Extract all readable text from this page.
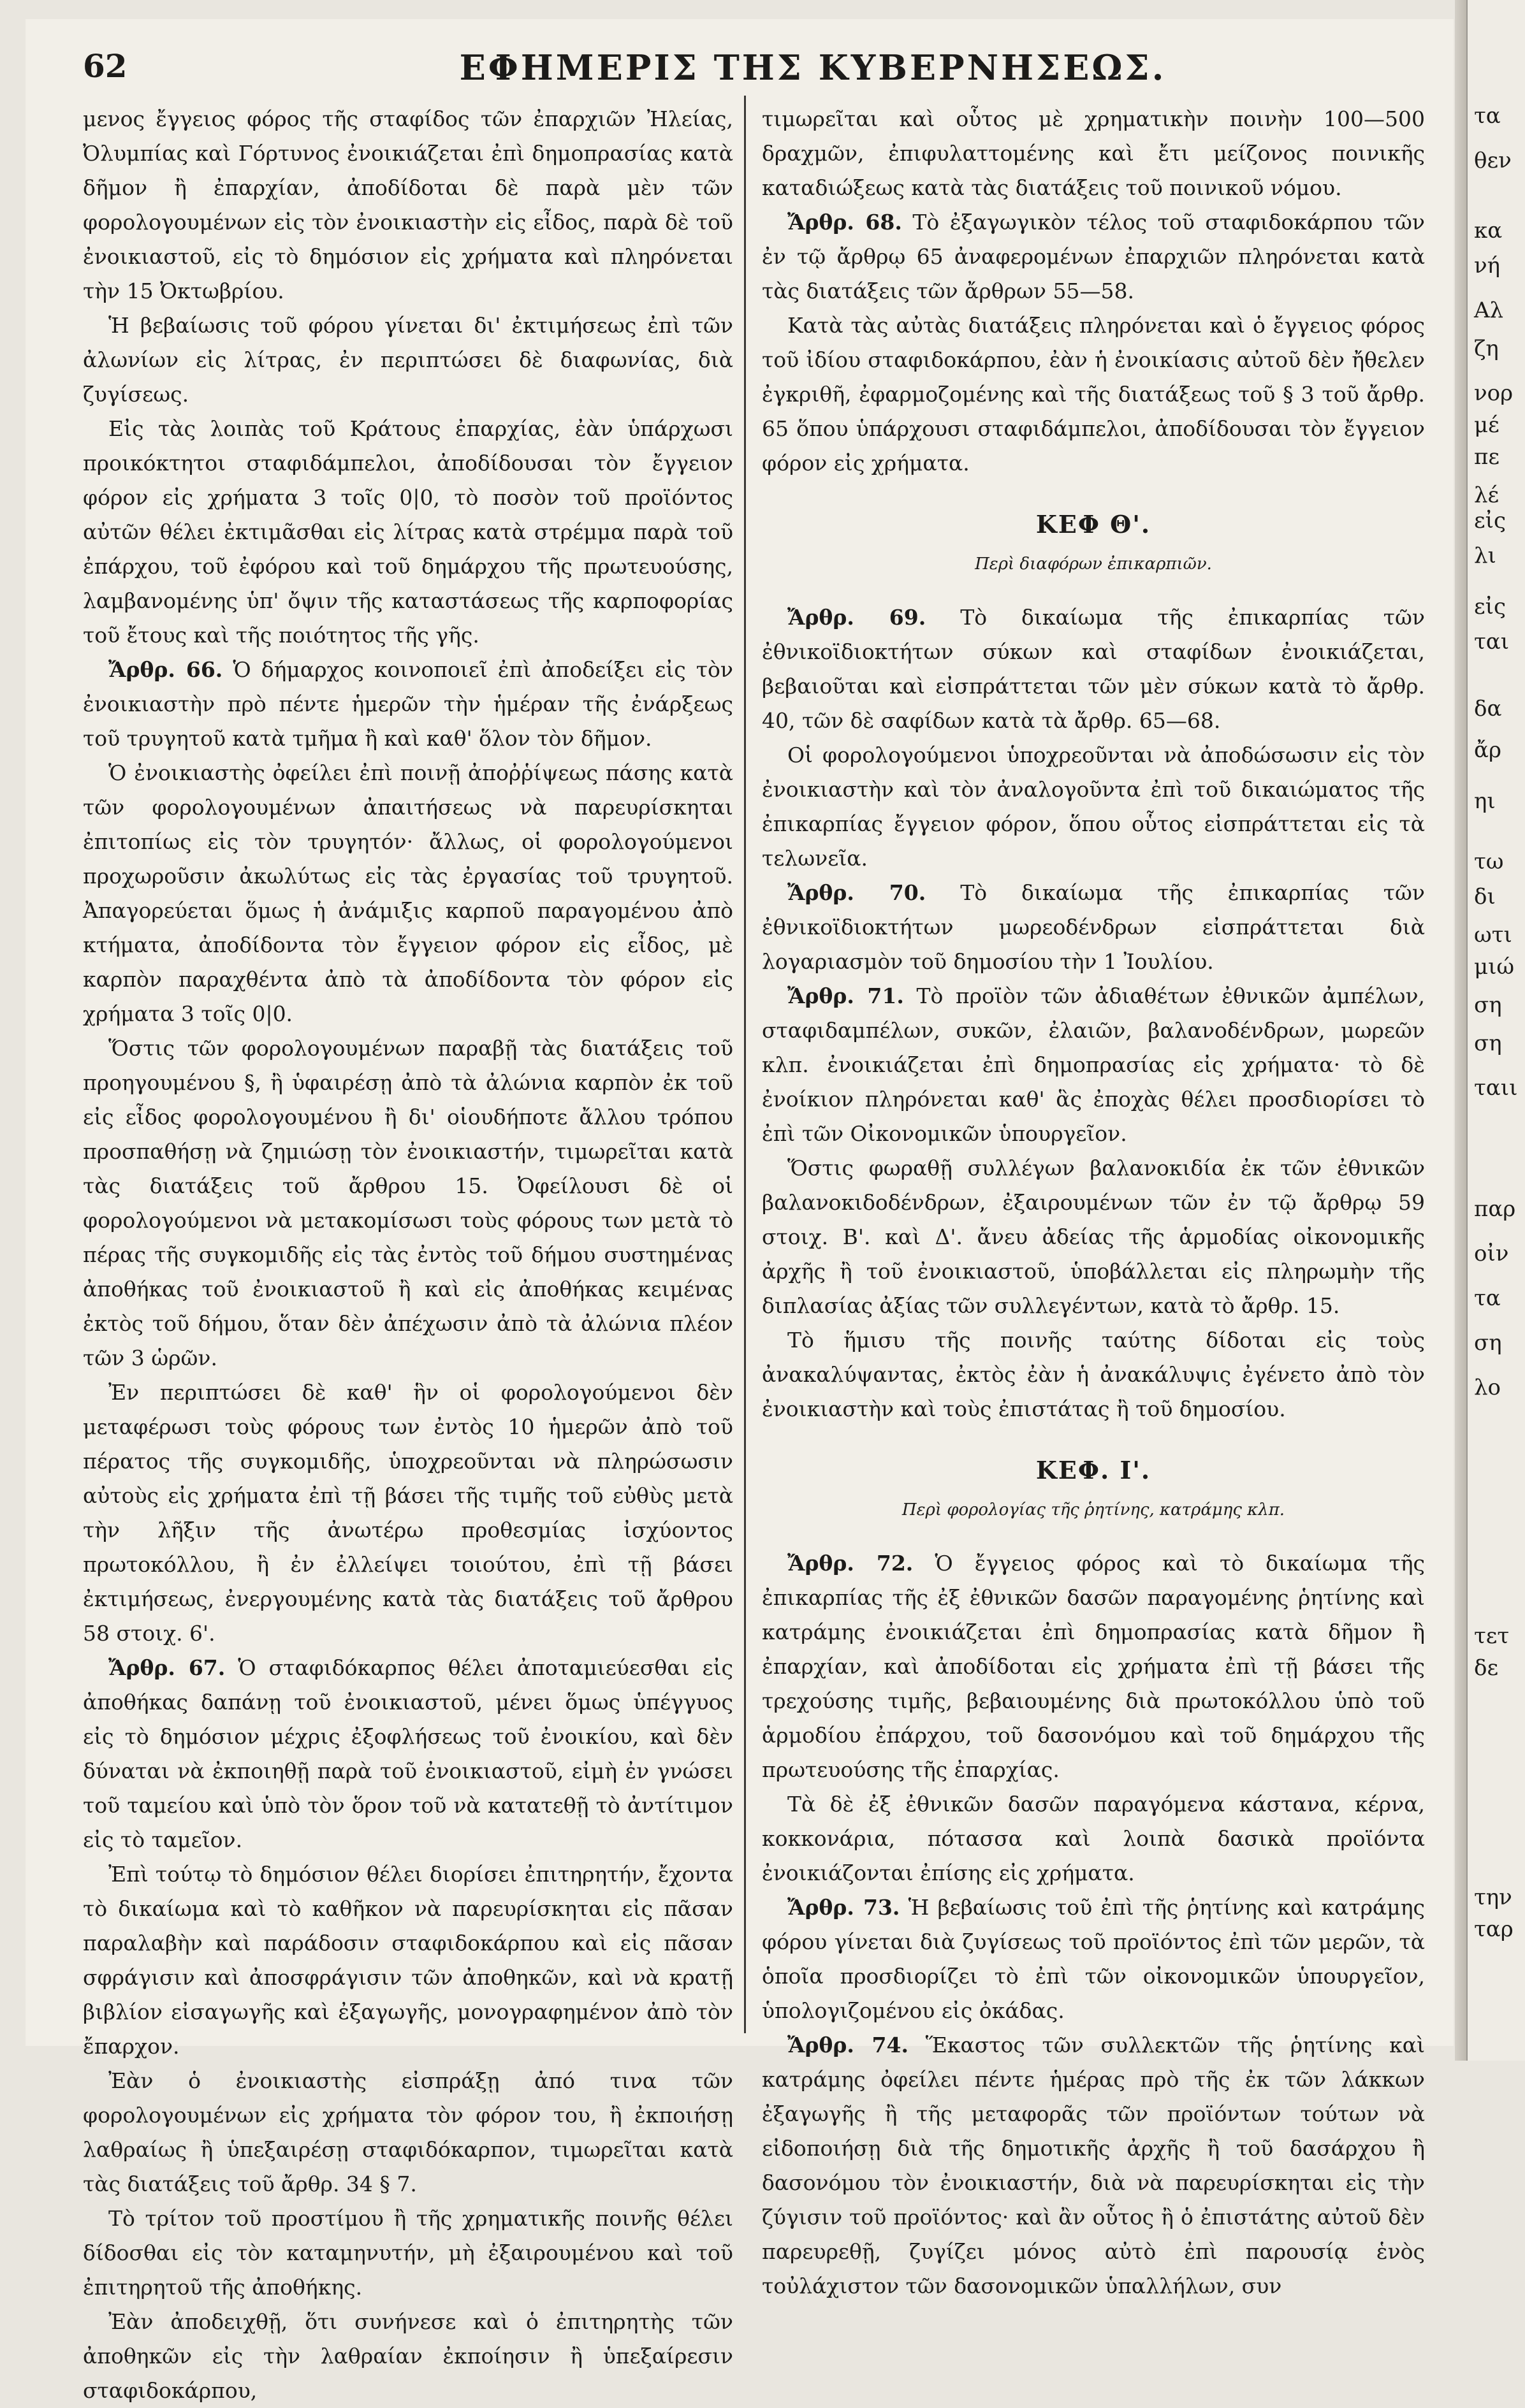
τα
θεν
κα
νή
Αλ
ζη
νορ
μέ
πε
λέ
εἰς
λι
εἰς
ται
δα
ἄρ
ηι
τω
δι
ωτι
μιώ
ση
ση
ταιι
παρ
οἰν
τα
ση
λο
τετ
δε
την
ταρ
62	ΕΦΗΜΕΡΙΣ ΤΗΣ ΚΥΒΕΡΝΗΣΕΩΣ.

μενος ἔγγειος φόρος τῆς σταφίδος τῶν ἐπαρχιῶν Ἠλείας, Ὀλυμπίας καὶ Γόρτυνος ἐνοικιάζεται ἐπὶ δημοπρασίας κατὰ δῆμον ἢ ἐπαρχίαν, ἀποδίδοται δὲ παρὰ μὲν τῶν φορολογουμένων εἰς τὸν ἐνοικιαστὴν εἰς εἶδος, παρὰ δὲ τοῦ ἐνοικιαστοῦ, εἰς τὸ δημόσιον εἰς χρήματα καὶ πληρόνεται τὴν 15 Ὀκτωβρίου.

Ἡ βεβαίωσις τοῦ φόρου γίνεται δι' ἐκτιμήσεως ἐπὶ τῶν ἀλωνίων εἰς λίτρας, ἐν περιπτώσει δὲ διαφωνίας, διὰ ζυγίσεως.

Εἰς τὰς λοιπὰς τοῦ Κράτους ἐπαρχίας, ἐὰν ὑπάρχωσι προικόκτητοι σταφιδάμπελοι, ἀποδίδουσαι τὸν ἔγγειον φόρον εἰς χρήματα 3 τοῖς 0|0, τὸ ποσὸν τοῦ προϊόντος αὐτῶν θέλει ἐκτιμᾶσθαι εἰς λίτρας κατὰ στρέμμα παρὰ τοῦ ἐπάρχου, τοῦ ἐφόρου καὶ τοῦ δημάρχου τῆς πρωτευούσης, λαμβανομένης ὑπ' ὄψιν τῆς καταστάσεως τῆς καρποφορίας τοῦ ἔτους καὶ τῆς ποιότητος τῆς γῆς.

Ἄρθρ. 66. Ὁ δήμαρχος κοινοποιεῖ ἐπὶ ἀποδείξει εἰς τὸν ἐνοικιαστὴν πρὸ πέντε ἡμερῶν τὴν ἡμέραν τῆς ἐνάρξεως τοῦ τρυγητοῦ κατὰ τμῆμα ἢ καὶ καθ' ὅλον τὸν δῆμον.

Ὁ ἐνοικιαστὴς ὀφείλει ἐπὶ ποινῇ ἀποῤῥίψεως πάσης κατὰ τῶν φορολογουμένων ἀπαιτήσεως νὰ παρευρίσκηται ἐπιτοπίως εἰς τὸν τρυγητόν· ἄλλως, οἱ φορολογούμενοι προχωροῦσιν ἀκωλύτως εἰς τὰς ἐργασίας τοῦ τρυγητοῦ. Ἀπαγορεύεται ὅμως ἡ ἀνάμιξις καρποῦ παραγομένου ἀπὸ κτήματα, ἀποδίδοντα τὸν ἔγγειον φόρον εἰς εἶδος, μὲ καρπὸν παραχθέντα ἀπὸ τὰ ἀποδίδοντα τὸν φόρον εἰς χρήματα 3 τοῖς 0|0.

Ὅστις τῶν φορολογουμένων παραβῇ τὰς διατάξεις τοῦ προηγουμένου §, ἢ ὑφαιρέσῃ ἀπὸ τὰ ἀλώνια καρπὸν ἐκ τοῦ εἰς εἶδος φορολογουμένου ἢ δι' οἱουδήποτε ἄλλου τρόπου προσπαθήσῃ νὰ ζημιώσῃ τὸν ἐνοικιαστήν, τιμωρεῖται κατὰ τὰς διατάξεις τοῦ ἄρθρου 15. Ὀφείλουσι δὲ οἱ φορολογούμενοι νὰ μετακομίσωσι τοὺς φόρους των μετὰ τὸ πέρας τῆς συγκομιδῆς εἰς τὰς ἐντὸς τοῦ δήμου συστημένας ἀποθήκας τοῦ ἐνοικιαστοῦ ἢ καὶ εἰς ἀποθήκας κειμένας ἐκτὸς τοῦ δήμου, ὅταν δὲν ἀπέχωσιν ἀπὸ τὰ ἀλώνια πλέον τῶν 3 ὡρῶν.

Ἐν περιπτώσει δὲ καθ' ἣν οἱ φορολογούμενοι δὲν μεταφέρωσι τοὺς φόρους των ἐντὸς 10 ἡμερῶν ἀπὸ τοῦ πέρατος τῆς συγκομιδῆς, ὑποχρεοῦνται νὰ πληρώσωσιν αὐτοὺς εἰς χρήματα ἐπὶ τῇ βάσει τῆς τιμῆς τοῦ εὐθὺς μετὰ τὴν λῆξιν τῆς ἀνωτέρω προθεσμίας ἰσχύοντος πρωτοκόλλου, ἢ ἐν ἐλλείψει τοιούτου, ἐπὶ τῇ βάσει ἐκτιμήσεως, ἐνεργουμένης κατὰ τὰς διατάξεις τοῦ ἄρθρου 58 στοιχ. 6'.

Ἄρθρ. 67. Ὁ σταφιδόκαρπος θέλει ἀποταμιεύεσθαι εἰς ἀποθήκας δαπάνῃ τοῦ ἐνοικιαστοῦ, μένει ὅμως ὑπέγγυος εἰς τὸ δημόσιον μέχρις ἐξοφλήσεως τοῦ ἐνοικίου, καὶ δὲν δύναται νὰ ἐκποιηθῇ παρὰ τοῦ ἐνοικιαστοῦ, εἰμὴ ἐν γνώσει τοῦ ταμείου καὶ ὑπὸ τὸν ὅρον τοῦ νὰ κατατεθῇ τὸ ἀντίτιμον εἰς τὸ ταμεῖον.

Ἐπὶ τούτῳ τὸ δημόσιον θέλει διορίσει ἐπιτηρητήν, ἔχοντα τὸ δικαίωμα καὶ τὸ καθῆκον νὰ παρευρίσκηται εἰς πᾶσαν παραλαβὴν καὶ παράδοσιν σταφιδοκάρπου καὶ εἰς πᾶσαν σφράγισιν καὶ ἀποσφράγισιν τῶν ἀποθηκῶν, καὶ νὰ κρατῇ βιβλίον εἰσαγωγῆς καὶ ἐξαγωγῆς, μονογραφημένον ἀπὸ τὸν ἔπαρχον.

Ἐὰν ὁ ἐνοικιαστὴς εἰσπράξῃ ἀπό τινα τῶν φορολογουμένων εἰς χρήματα τὸν φόρον του, ἢ ἐκποιήσῃ λαθραίως ἢ ὑπεξαιρέσῃ σταφιδόκαρπον, τιμωρεῖται κατὰ τὰς διατάξεις τοῦ ἄρθρ. 34 § 7.

Τὸ τρίτον τοῦ προστίμου ἢ τῆς χρηματικῆς ποινῆς θέλει δίδοσθαι εἰς τὸν καταμηνυτήν, μὴ ἐξαιρουμένου καὶ τοῦ ἐπιτηρητοῦ τῆς ἀποθήκης.

Ἐὰν ἀποδειχθῇ, ὅτι συνήνεσε καὶ ὁ ἐπιτηρητὴς τῶν ἀποθηκῶν εἰς τὴν λαθραίαν ἐκποίησιν ἢ ὑπεξαίρεσιν σταφιδοκάρπου,

τιμωρεῖται καὶ οὗτος μὲ χρηματικὴν ποινὴν 100—500 δραχμῶν, ἐπιφυλαττομένης καὶ ἔτι μείζονος ποινικῆς καταδιώξεως κατὰ τὰς διατάξεις τοῦ ποινικοῦ νόμου.

Ἄρθρ. 68. Τὸ ἐξαγωγικὸν τέλος τοῦ σταφιδοκάρπου τῶν ἐν τῷ ἄρθρῳ 65 ἀναφερομένων ἐπαρχιῶν πληρόνεται κατὰ τὰς διατάξεις τῶν ἄρθρων 55—58.

Κατὰ τὰς αὐτὰς διατάξεις πληρόνεται καὶ ὁ ἔγγειος φόρος τοῦ ἰδίου σταφιδοκάρπου, ἐὰν ἡ ἐνοικίασις αὐτοῦ δὲν ἤθελεν ἐγκριθῆ, ἐφαρμοζομένης καὶ τῆς διατάξεως τοῦ § 3 τοῦ ἄρθρ. 65 ὅπου ὑπάρχουσι σταφιδάμπελοι, ἀποδίδουσαι τὸν ἔγγειον φόρον εἰς χρήματα.

ΚΕΦ Θ'.
Περὶ διαφόρων ἐπικαρπιῶν.

Ἄρθρ. 69. Τὸ δικαίωμα τῆς ἐπικαρπίας τῶν ἐθνικοϊδιοκτήτων σύκων καὶ σταφίδων ἐνοικιάζεται, βεβαιοῦται καὶ εἰσπράττεται τῶν μὲν σύκων κατὰ τὸ ἄρθρ. 40, τῶν δὲ σαφίδων κατὰ τὰ ἄρθρ. 65—68.

Οἱ φορολογούμενοι ὑποχρεοῦνται νὰ ἀποδώσωσιν εἰς τὸν ἐνοικιαστὴν καὶ τὸν ἀναλογοῦντα ἐπὶ τοῦ δικαιώματος τῆς ἐπικαρπίας ἔγγειον φόρον, ὅπου οὗτος εἰσπράττεται εἰς τὰ τελωνεῖα.

Ἄρθρ. 70. Τὸ δικαίωμα τῆς ἐπικαρπίας τῶν ἐθνικοϊδιοκτήτων μωρεοδένδρων εἰσπράττεται διὰ λογαριασμὸν τοῦ δημοσίου τὴν 1 Ἰουλίου.

Ἄρθρ. 71. Τὸ προϊὸν τῶν ἀδιαθέτων ἐθνικῶν ἀμπέλων, σταφιδαμπέλων, συκῶν, ἐλαιῶν, βαλανοδένδρων, μωρεῶν κλπ. ἐνοικιάζεται ἐπὶ δημοπρασίας εἰς χρήματα· τὸ δὲ ἐνοίκιον πληρόνεται καθ' ἃς ἐποχὰς θέλει προσδιορίσει τὸ ἐπὶ τῶν Οἰκονομικῶν ὑπουργεῖον.

Ὅστις φωραθῇ συλλέγων βαλανοκιδία ἐκ τῶν ἐθνικῶν βαλανοκιδοδένδρων, ἐξαιρουμένων τῶν ἐν τῷ ἄρθρῳ 59 στοιχ. Β'. καὶ Δ'. ἄνευ ἀδείας τῆς ἁρμοδίας οἰκονομικῆς ἀρχῆς ἢ τοῦ ἐνοικιαστοῦ, ὑποβάλλεται εἰς πληρωμὴν τῆς διπλασίας ἀξίας τῶν συλλεγέντων, κατὰ τὸ ἄρθρ. 15.

Τὸ ἥμισυ τῆς ποινῆς ταύτης δίδοται εἰς τοὺς ἀνακαλύψαντας, ἐκτὸς ἐὰν ἡ ἀνακάλυψις ἐγένετο ἀπὸ τὸν ἐνοικιαστὴν καὶ τοὺς ἐπιστάτας ἢ τοῦ δημοσίου.

ΚΕΦ. Ι'.
Περὶ φορολογίας τῆς ῥητίνης, κατράμης κλπ.

Ἄρθρ. 72. Ὁ ἔγγειος φόρος καὶ τὸ δικαίωμα τῆς ἐπικαρπίας τῆς ἐξ ἐθνικῶν δασῶν παραγομένης ῥητίνης καὶ κατράμης ἐνοικιάζεται ἐπὶ δημοπρασίας κατὰ δῆμον ἢ ἐπαρχίαν, καὶ ἀποδίδοται εἰς χρήματα ἐπὶ τῇ βάσει τῆς τρεχούσης τιμῆς, βεβαιουμένης διὰ πρωτοκόλλου ὑπὸ τοῦ ἁρμοδίου ἐπάρχου, τοῦ δασονόμου καὶ τοῦ δημάρχου τῆς πρωτευούσης τῆς ἐπαρχίας.

Τὰ δὲ ἐξ ἐθνικῶν δασῶν παραγόμενα κάστανα, κέρνα, κοκκονάρια, πότασσα καὶ λοιπὰ δασικὰ προϊόντα ἐνοικιάζονται ἐπίσης εἰς χρήματα.

Ἄρθρ. 73. Ἡ βεβαίωσις τοῦ ἐπὶ τῆς ῥητίνης καὶ κατράμης φόρου γίνεται διὰ ζυγίσεως τοῦ προϊόντος ἐπὶ τῶν μερῶν, τὰ ὁποῖα προσδιορίζει τὸ ἐπὶ τῶν οἰκονομικῶν ὑπουργεῖον, ὑπολογιζομένου εἰς ὀκάδας.

Ἄρθρ. 74. Ἕκαστος τῶν συλλεκτῶν τῆς ῥητίνης καὶ κατράμης ὀφείλει πέντε ἡμέρας πρὸ τῆς ἐκ τῶν λάκκων ἐξαγωγῆς ἢ τῆς μεταφορᾶς τῶν προϊόντων τούτων νὰ εἰδοποιήσῃ διὰ τῆς δημοτικῆς ἀρχῆς ἢ τοῦ δασάρχου ἢ δασονόμου τὸν ἐνοικιαστήν, διὰ νὰ παρευρίσκηται εἰς τὴν ζύγισιν τοῦ προϊόντος· καὶ ἂν οὗτος ἢ ὁ ἐπιστάτης αὐτοῦ δὲν παρευρεθῇ, ζυγίζει μόνος αὐτὸ ἐπὶ παρουσίᾳ ἑνὸς τοὐλάχιστον τῶν δασονομικῶν ὑπαλλήλων, συν
